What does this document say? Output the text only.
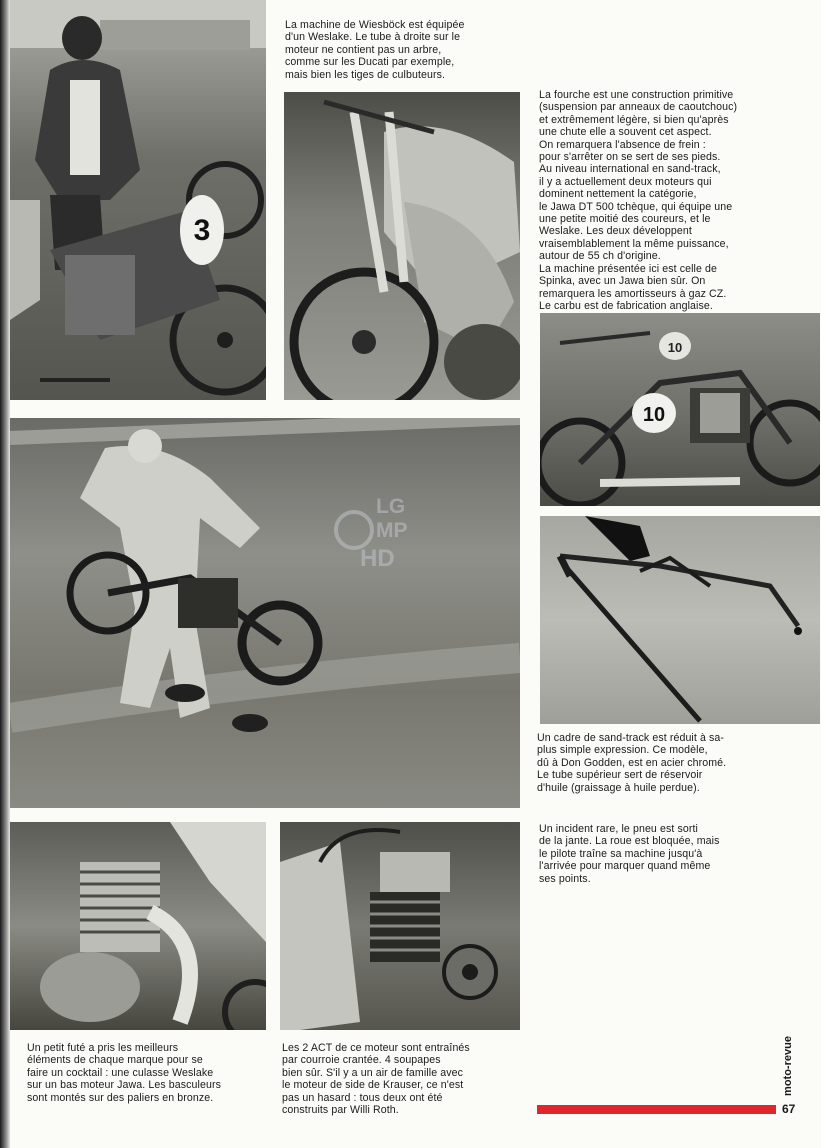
3

La machine de Wiesböck est équipée
d'un Weslake. Le tube à droite sur le
moteur ne contient pas un arbre,
comme sur les Ducati par exemple,
mais bien les tiges de culbuteurs.

La fourche est une construction primitive
(suspension par anneaux de caoutchouc)
et extrêmement légère, si bien qu'après
une chute elle a souvent cet aspect.
On remarquera l'absence de frein :
pour s'arrêter on se sert de ses pieds.
Au niveau international en sand-track,
il y a actuellement deux moteurs qui
dominent nettement la catégorie,
le Jawa DT 500 tchèque, qui équipe une
une petite moitié des coureurs, et le
Weslake. Les deux développent
vraisemblablement la même puissance,
autour de 55 ch d'origine.
La machine présentée ici est celle de
Spinka, avec un Jawa bien sûr. On
remarquera les amortisseurs à gaz CZ.
Le carbu est de fabrication anglaise.

10
10
LG
MP
HD

Un cadre de sand-track est réduit à sa-
plus simple expression. Ce modèle,
dû à Don Godden, est en acier chromé.
Le tube supérieur sert de réservoir
d'huile (graissage à huile perdue).

Un incident rare, le pneu est sorti
de la jante. La roue est bloquée, mais
le pilote traîne sa machine jusqu'à
l'arrivée pour marquer quand même
ses points.

Un petit futé a pris les meilleurs
éléments de chaque marque pour se
faire un cocktail : une culasse Weslake
sur un bas moteur Jawa. Les basculeurs
sont montés sur des paliers en bronze.

Les 2 ACT de ce moteur sont entraînés
par courroie crantée. 4 soupapes
bien sûr. S'il y a un air de famille avec
le moteur de side de Krauser, ce n'est
pas un hasard : tous deux ont été
construits par Willi Roth.

moto-revue
67
